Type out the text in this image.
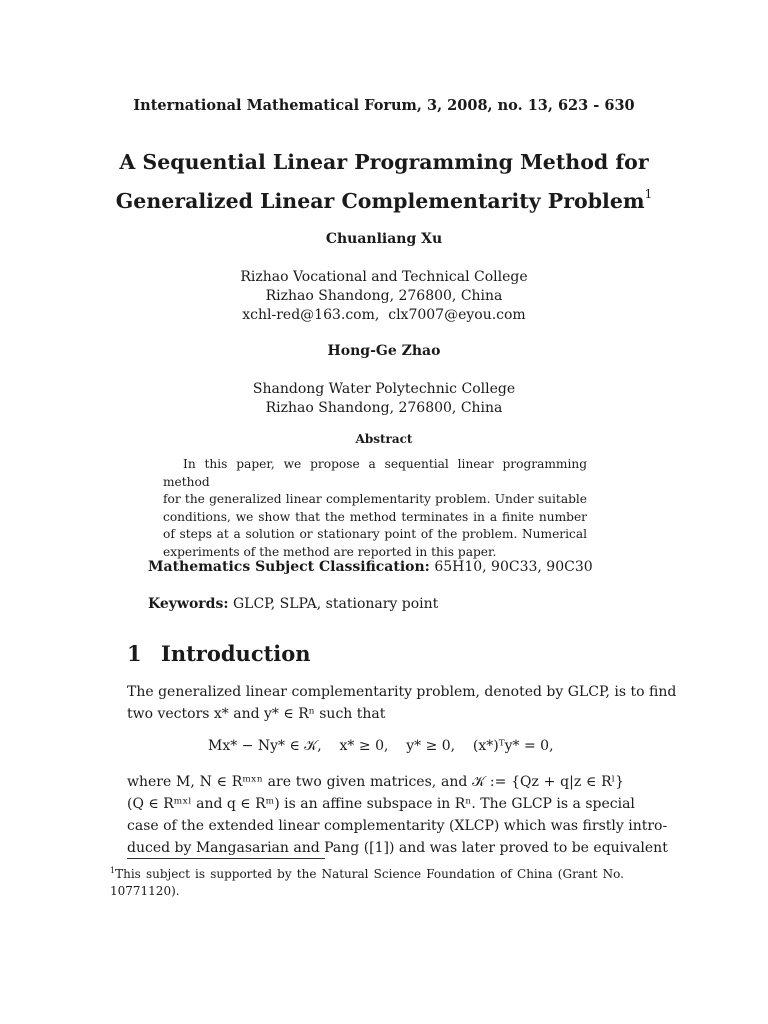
International Mathematical Forum, 3, 2008, no. 13, 623 - 630
A Sequential Linear Programming Method for
Generalized Linear Complementarity Problem$^1$
Chuanliang Xu
Rizhao Vocational and Technical College
Rizhao Shandong, 276800, China
xchl-red@163.com,  clx7007@eyou.com
Hong-Ge Zhao
Shandong Water Polytechnic College
Rizhao Shandong, 276800, China
Abstract
In this paper, we propose a sequential linear programming method
for the generalized linear complementarity problem. Under suitable
conditions, we show that the method terminates in a finite number
of steps at a solution or stationary point of the problem. Numerical
experiments of the method are reported in this paper.
Mathematics Subject Classification: 65H10, 90C33, 90C30
Keywords: GLCP, SLPA, stationary point
1 Introduction
The generalized linear complementarity problem, denoted by GLCP, is to find
two vectors x* and y* ∈ Rⁿ such that
Mx* − Ny* ∈ 𝒦,    x* ≥ 0,    y* ≥ 0,    (x*)ᵀy* = 0,
where M, N ∈ Rᵐˣⁿ are two given matrices, and 𝒦 := {Qz + q|z ∈ Rˡ}
(Q ∈ Rᵐˣˡ and q ∈ Rᵐ) is an affine subspace in Rⁿ. The GLCP is a special
case of the extended linear complementarity (XLCP) which was firstly intro-
duced by Mangasarian and Pang ([1]) and was later proved to be equivalent
$^1$This subject is supported by the Natural Science Foundation of China (Grant No.
10771120).
